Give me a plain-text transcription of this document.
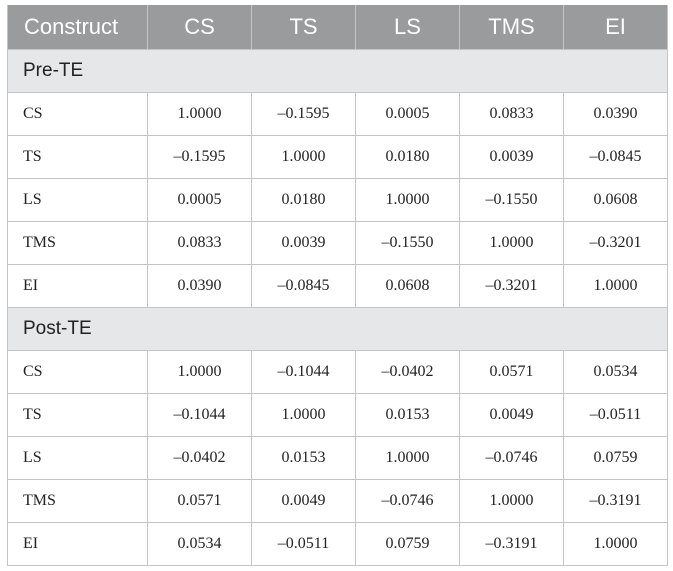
Construct	CS	TS	LS	TMS	EI
Pre-TE					
CS	1.0000	–0.1595	0.0005	0.0833	0.0390
TS	–0.1595	1.0000	0.0180	0.0039	–0.0845
LS	0.0005	0.0180	1.0000	–0.1550	0.0608
TMS	0.0833	0.0039	–0.1550	1.0000	–0.3201
EI	0.0390	–0.0845	0.0608	–0.3201	1.0000
Post-TE					
CS	1.0000	–0.1044	–0.0402	0.0571	0.0534
TS	–0.1044	1.0000	0.0153	0.0049	–0.0511
LS	–0.0402	0.0153	1.0000	–0.0746	0.0759
TMS	0.0571	0.0049	–0.0746	1.0000	–0.3191
EI	0.0534	–0.0511	0.0759	–0.3191	1.0000
